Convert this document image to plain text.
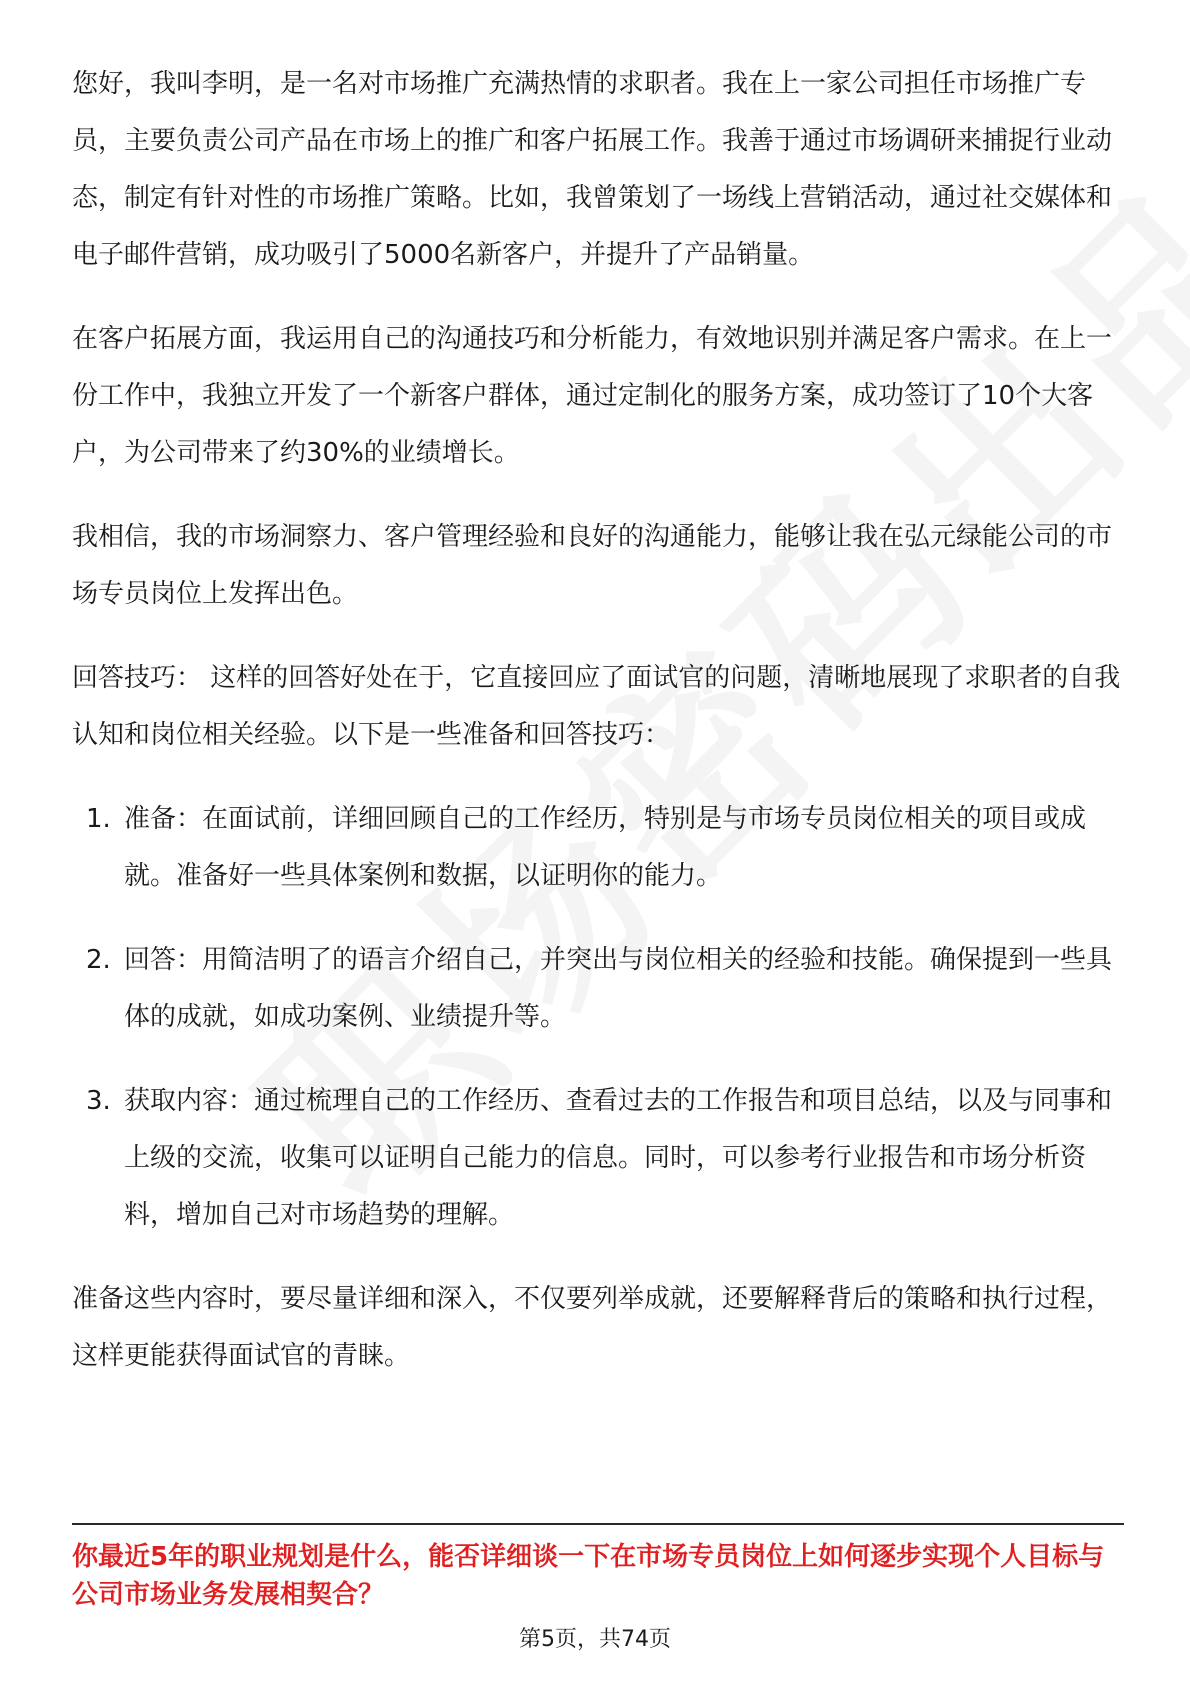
您好，我叫李明，是一名对市场推广充满热情的求职者。我在上一家公司担任市场推广专员，主要负责公司产品在市场上的推广和客户拓展工作。我善于通过市场调研来捕捉行业动态，制定有针对性的市场推广策略。比如，我曾策划了一场线上营销活动，通过社交媒体和电子邮件营销，成功吸引了5000名新客户，并提升了产品销量。

在客户拓展方面，我运用自己的沟通技巧和分析能力，有效地识别并满足客户需求。在上一份工作中，我独立开发了一个新客户群体，通过定制化的服务方案，成功签订了10个大客户，为公司带来了约30%的业绩增长。

我相信，我的市场洞察力、客户管理经验和良好的沟通能力，能够让我在弘元绿能公司的市场专员岗位上发挥出色。

回答技巧： 这样的回答好处在于，它直接回应了面试官的问题，清晰地展现了求职者的自我认知和岗位相关经验。以下是一些准备和回答技巧：

1. 准备：在面试前，详细回顾自己的工作经历，特别是与市场专员岗位相关的项目或成就。准备好一些具体案例和数据，以证明你的能力。
2. 回答：用简洁明了的语言介绍自己，并突出与岗位相关的经验和技能。确保提到一些具体的成就，如成功案例、业绩提升等。
3. 获取内容：通过梳理自己的工作经历、查看过去的工作报告和项目总结，以及与同事和上级的交流，收集可以证明自己能力的信息。同时，可以参考行业报告和市场分析资料，增加自己对市场趋势的理解。

准备这些内容时，要尽量详细和深入，不仅要列举成就，还要解释背后的策略和执行过程，这样更能获得面试官的青睐。

你最近5年的职业规划是什么，能否详细谈一下在市场专员岗位上如何逐步实现个人目标与公司市场业务发展相契合？
第5页，共74页
